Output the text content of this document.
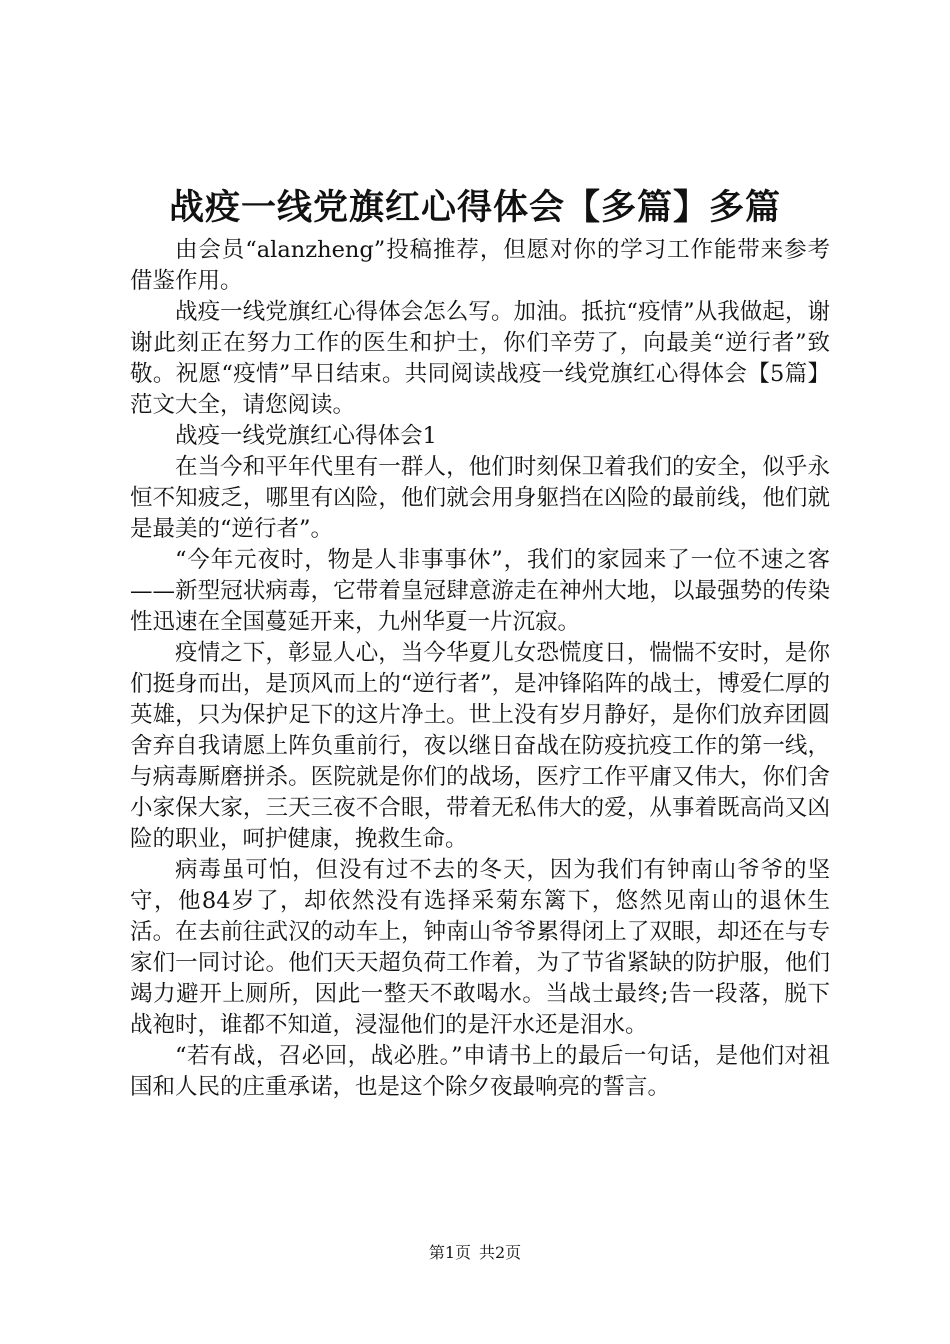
战疫一线党旗红心得体会【多篇】多篇

由会员“alanzheng”投稿推荐，但愿对你的学习工作能带来参考借鉴作用。

战疫一线党旗红心得体会怎么写。加油。抵抗“疫情”从我做起，谢谢此刻正在努力工作的医生和护士，你们辛劳了，向最美“逆行者”致敬。祝愿“疫情”早日结束。共同阅读战疫一线党旗红心得体会【5篇】范文大全，请您阅读。

战疫一线党旗红心得体会1

在当今和平年代里有一群人，他们时刻保卫着我们的安全，似乎永恒不知疲乏，哪里有凶险，他们就会用身躯挡在凶险的最前线，他们就是最美的“逆行者”。

“今年元夜时，物是人非事事休”，我们的家园来了一位不速之客——新型冠状病毒，它带着皇冠肆意游走在神州大地，以最强势的传染性迅速在全国蔓延开来，九州华夏一片沉寂。

疫情之下，彰显人心，当今华夏儿女恐慌度日，惴惴不安时，是你们挺身而出，是顶风而上的“逆行者”，是冲锋陷阵的战士，博爱仁厚的英雄，只为保护足下的这片净土。世上没有岁月静好，是你们放弃团圆舍弃自我请愿上阵负重前行，夜以继日奋战在防疫抗疫工作的第一线，与病毒厮磨拼杀。医院就是你们的战场，医疗工作平庸又伟大，你们舍小家保大家，三天三夜不合眼，带着无私伟大的爱，从事着既高尚又凶险的职业，呵护健康，挽救生命。

病毒虽可怕，但没有过不去的冬天，因为我们有钟南山爷爷的坚守，他84岁了，却依然没有选择采菊东篱下，悠然见南山的退休生活。在去前往武汉的动车上，钟南山爷爷累得闭上了双眼，却还在与专家们一同讨论。他们天天超负荷工作着，为了节省紧缺的防护服，他们竭力避开上厕所，因此一整天不敢喝水。当战士最终;告一段落，脱下战袍时，谁都不知道，浸湿他们的是汗水还是泪水。

“若有战，召必回，战必胜。”申请书上的最后一句话，是他们对祖国和人民的庄重承诺，也是这个除夕夜最响亮的誓言。

第1页 共2页
